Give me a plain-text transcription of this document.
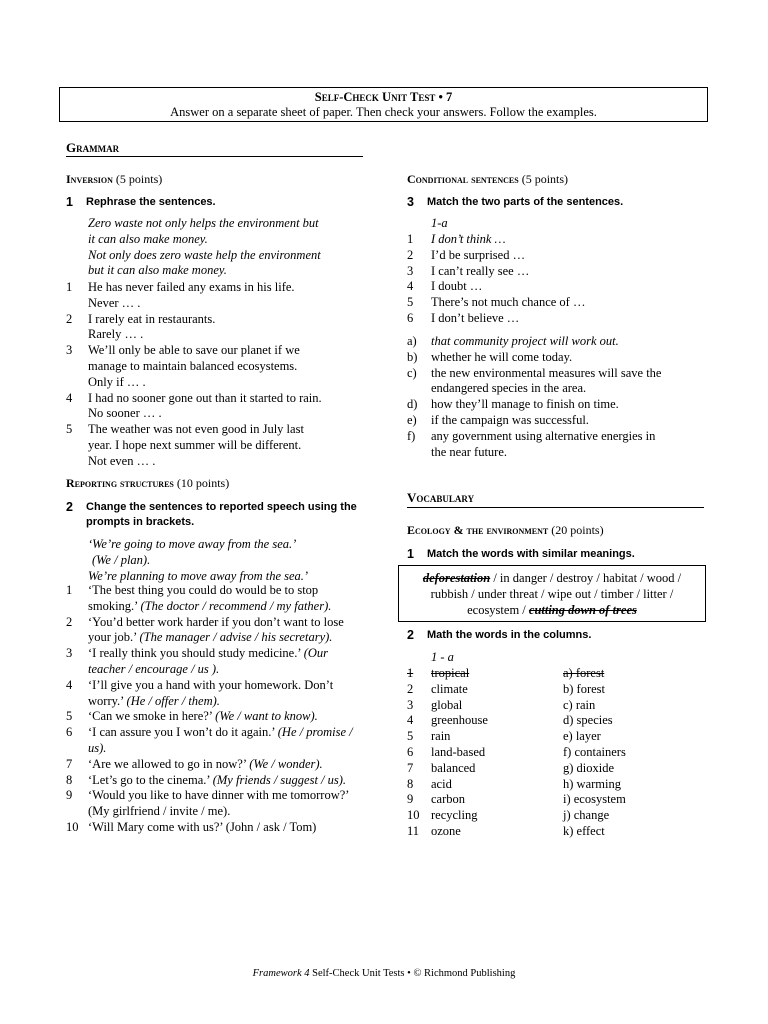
Self-Check Unit Test • 7
Answer on a separate sheet of paper. Then check your answers. Follow the examples.
Grammar
Inversion (5 points)
1 Rephrase the sentences.
Zero waste not only helps the environment but
it can also make money.
Not only does zero waste help the environment
but it can also make money.
1	He has never failed any exams in his life.
Never … .
2	I rarely eat in restaurants.
Rarely … .
3	We’ll only be able to save our planet if we
manage to maintain balanced ecosystems.
Only if … .
4	I had no sooner gone out than it started to rain.
No sooner … .
5	The weather was not even good in July last
year. I hope next summer will be different.
Not even … .
Reporting structures (10 points)
2 Change the sentences to reported speech using the
prompts in brackets.
‘We’re going to move away from the sea.’
(We / plan).
We’re planning to move away from the sea.’
1	‘The best thing you could do would be to stop smoking.’ (The doctor / recommend / my father).
2	‘You’d better work harder if you don’t want to lose your job.’ (The manager / advise / his secretary).
3	‘I really think you should study medicine.’ (Our teacher / encourage / us ).
4	‘I’ll give you a hand with your homework. Don’t worry.’ (He / offer / them).
5	‘Can we smoke in here?’ (We / want to know).
6	‘I can assure you I won’t do it again.’ (He / promise / us).
7	‘Are we allowed to go in now?’ (We / wonder).
8	‘Let’s go to the cinema.’ (My friends / suggest / us).
9	‘Would you like to have dinner with me tomorrow?’ (My girlfriend / invite / me).
10 ‘Will Mary come with us?’ (John / ask / Tom)
Conditional sentences (5 points)
3 Match the two parts of the sentences.
1-a
1	I don’t think …
2	I’d be surprised …
3	I can’t really see …
4	I doubt …
5	There’s not much chance of …
6	I don’t believe …
a)	that community project will work out.
b)	whether he will come today.
c)	the new environmental measures will save the
endangered species in the area.
d)	how they’ll manage to finish on time.
e)	if the campaign was successful.
f)	any government using alternative energies in
the near future.
Vocabulary
Ecology & the environment (20 points)
1 Match the words with similar meanings.
deforestation / in danger / destroy / habitat / wood /
rubbish / under threat / wipe out / timber / litter /
ecosystem / cutting down of trees
2 Math the words in the columns.
1 - a
1	tropical	a) forest
2	climate	b) forest
3	global	c) rain
4	greenhouse	d) species
5	rain	e) layer
6	land-based	f) containers
7	balanced	g) dioxide
8	acid	h) warming
9	carbon	i) ecosystem
10 recycling	j) change
11 ozone	k) effect
Framework 4 Self-Check Unit Tests • © Richmond Publishing
